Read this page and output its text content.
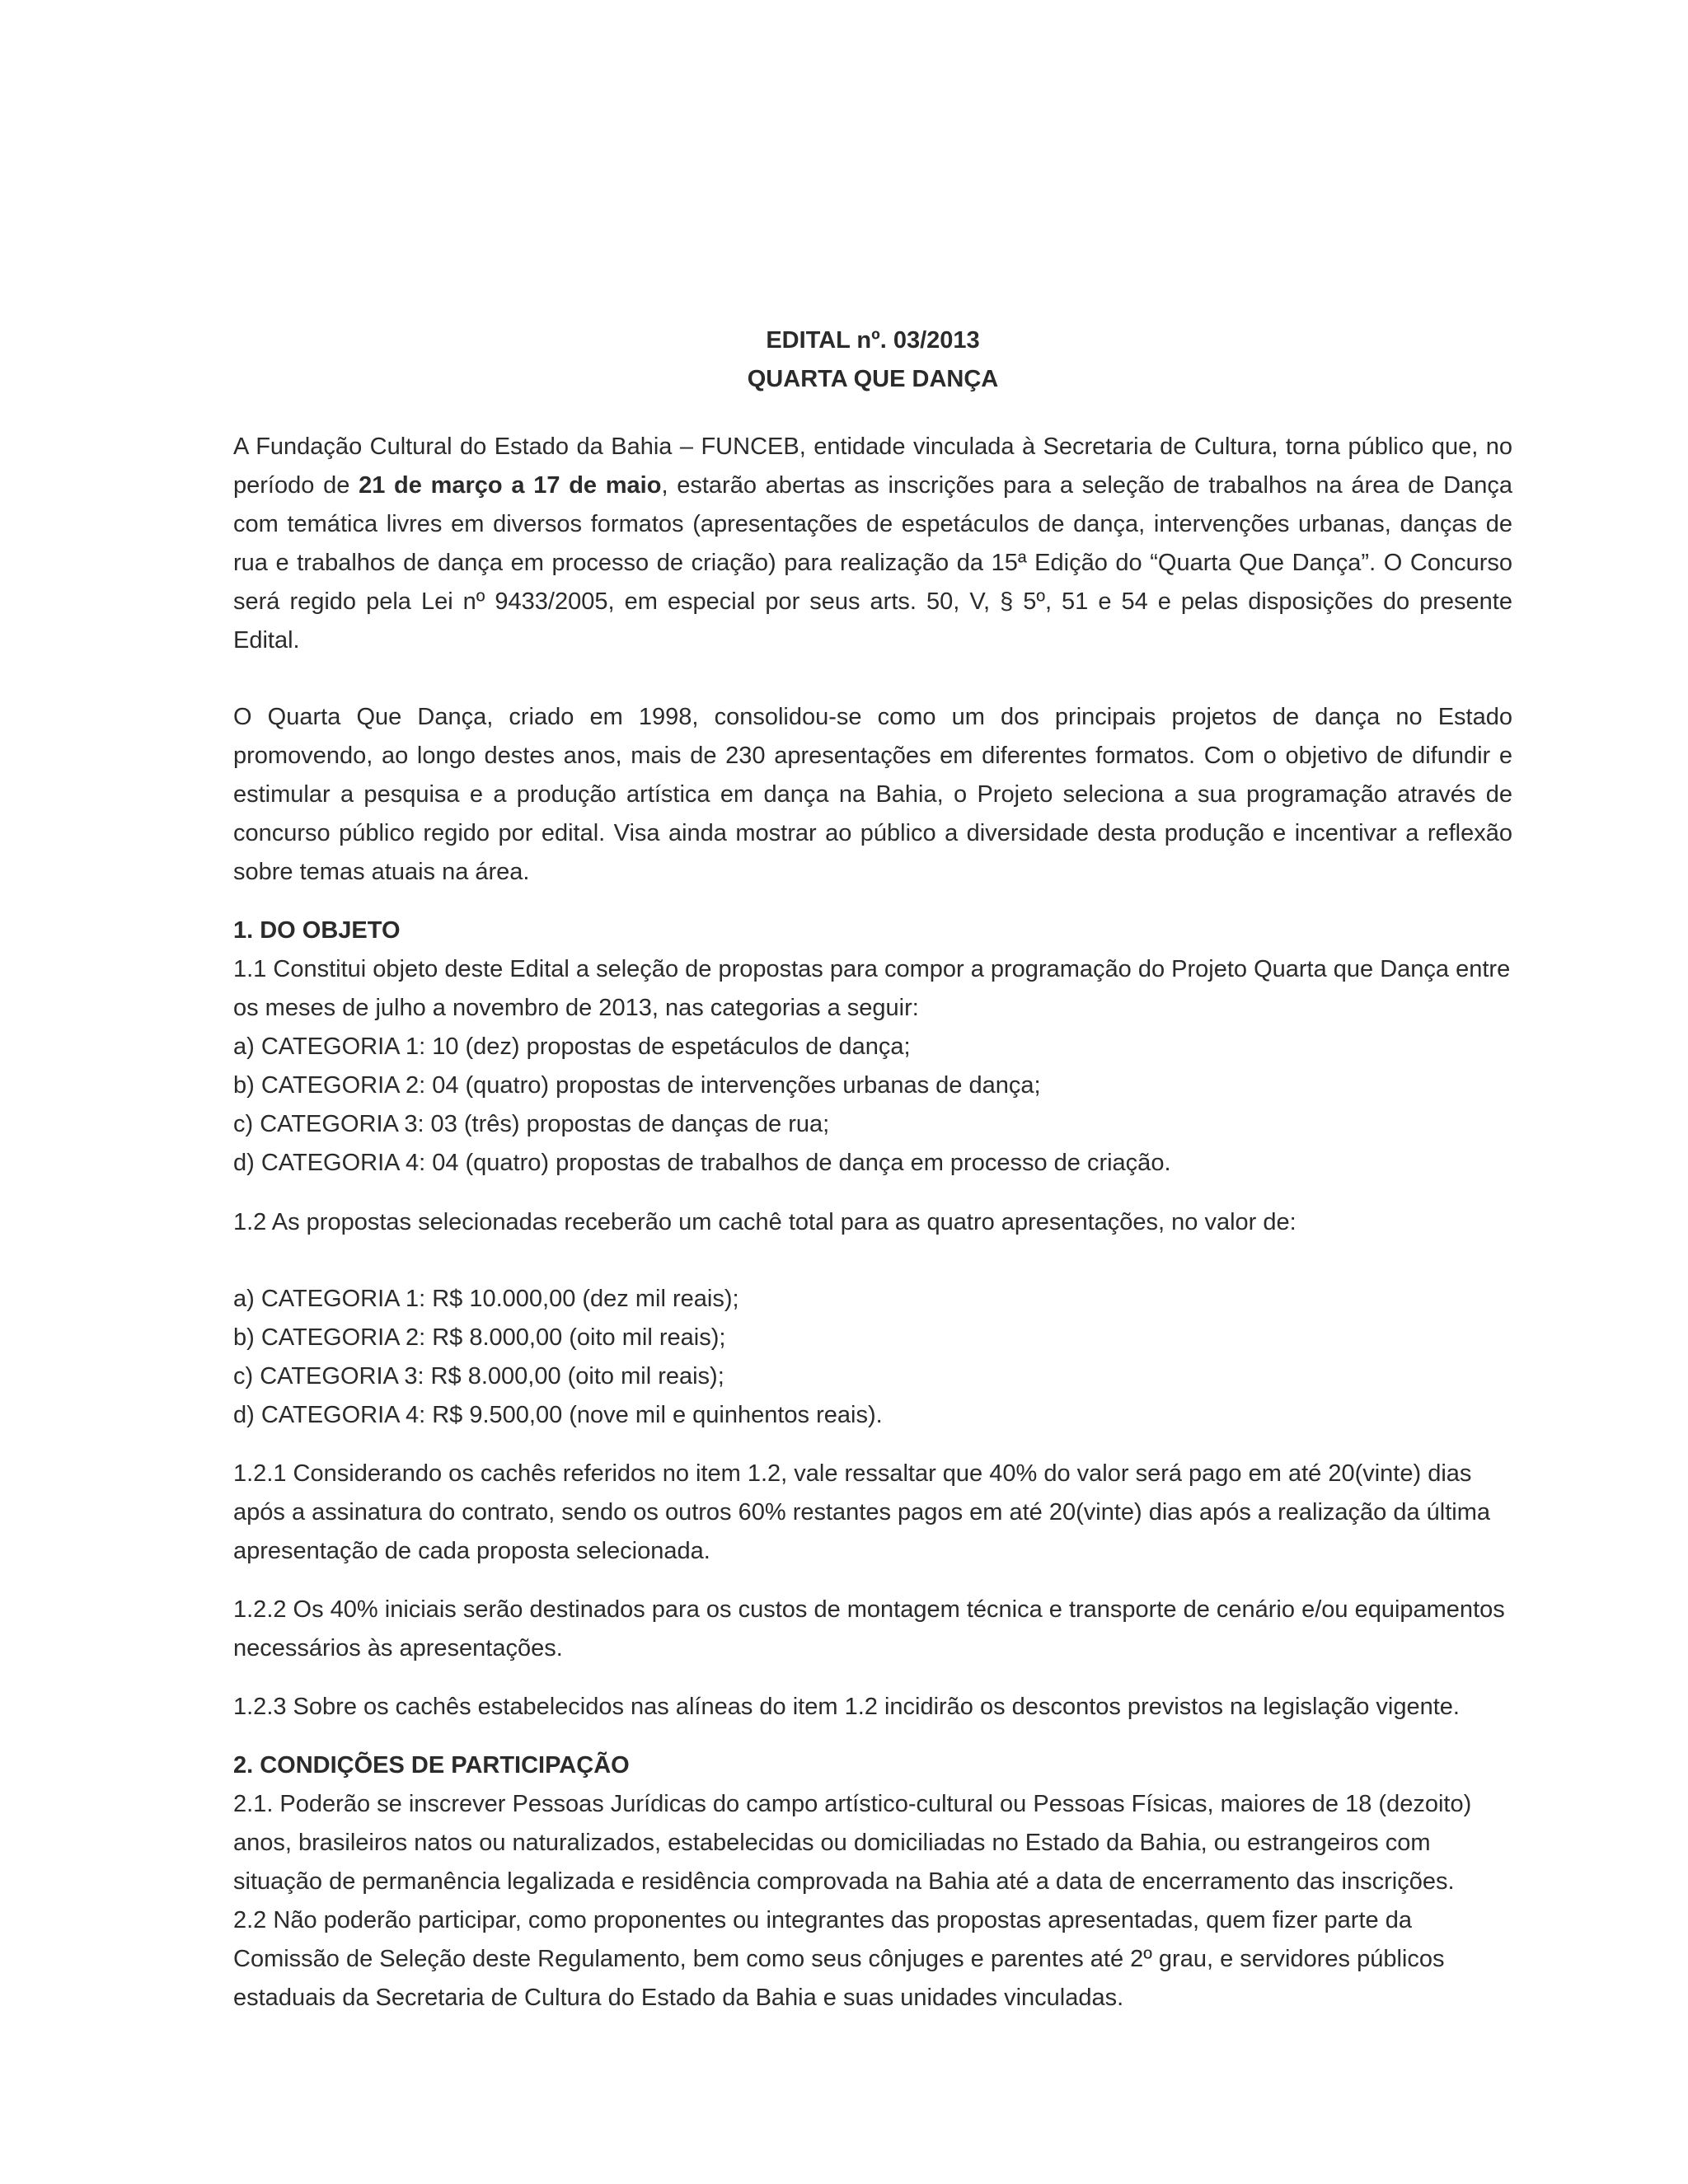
EDITAL nº. 03/2013

QUARTA QUE DANÇA

A Fundação Cultural do Estado da Bahia – FUNCEB, entidade vinculada à Secretaria de Cultura, torna público que, no período de 21 de março a 17 de maio, estarão abertas as inscrições para a seleção de trabalhos na área de Dança com temática livres em diversos formatos (apresentações de espetáculos de dança, intervenções urbanas, danças de rua e trabalhos de dança em processo de criação) para realização da 15ª Edição do “Quarta Que Dança”. O Concurso será regido pela Lei nº 9433/2005, em especial por seus arts. 50, V, § 5º, 51 e 54 e pelas disposições do presente Edital.

O Quarta Que Dança, criado em 1998, consolidou-se como um dos principais projetos de dança no Estado promovendo, ao longo destes anos, mais de 230 apresentações em diferentes formatos. Com o objetivo de difundir e estimular a pesquisa e a produção artística em dança na Bahia, o Projeto seleciona a sua programação através de concurso público regido por edital. Visa ainda mostrar ao público a diversidade desta produção e incentivar a reflexão sobre temas atuais na área.

1. DO OBJETO

1.1 Constitui objeto deste Edital a seleção de propostas para compor a programação do Projeto Quarta que Dança entre os meses de julho a novembro de 2013, nas categorias a seguir:

a) CATEGORIA 1: 10 (dez) propostas de espetáculos de dança;

b) CATEGORIA 2: 04 (quatro) propostas de intervenções urbanas de dança;

c) CATEGORIA 3: 03 (três) propostas de danças de rua;

d) CATEGORIA 4: 04 (quatro) propostas de trabalhos de dança em processo de criação.

1.2 As propostas selecionadas receberão um cachê total para as quatro apresentações, no valor de:

a) CATEGORIA 1: R$ 10.000,00 (dez mil reais);

b) CATEGORIA 2: R$ 8.000,00 (oito mil reais);

c) CATEGORIA 3: R$ 8.000,00 (oito mil reais);

d) CATEGORIA 4: R$ 9.500,00 (nove mil e quinhentos reais).

1.2.1 Considerando os cachês referidos no item 1.2, vale ressaltar que 40% do valor será pago em até 20(vinte) dias após a assinatura do contrato, sendo os outros 60% restantes pagos em até 20(vinte) dias após a realização da última apresentação de cada proposta selecionada.

1.2.2 Os 40% iniciais serão destinados para os custos de montagem técnica e transporte de cenário e/ou equipamentos necessários às apresentações.

1.2.3 Sobre os cachês estabelecidos nas alíneas do item 1.2 incidirão os descontos previstos na legislação vigente.

2. CONDIÇÕES DE PARTICIPAÇÃO

2.1. Poderão se inscrever Pessoas Jurídicas do campo artístico-cultural ou Pessoas Físicas, maiores de 18 (dezoito) anos, brasileiros natos ou naturalizados, estabelecidas ou domiciliadas no Estado da Bahia, ou estrangeiros com situação de permanência legalizada e residência comprovada na Bahia até a data de encerramento das inscrições.

2.2 Não poderão participar, como proponentes ou integrantes das propostas apresentadas, quem fizer parte da Comissão de Seleção deste Regulamento, bem como seus cônjuges e parentes até 2º grau, e servidores públicos estaduais da Secretaria de Cultura do Estado da Bahia e suas unidades vinculadas.
